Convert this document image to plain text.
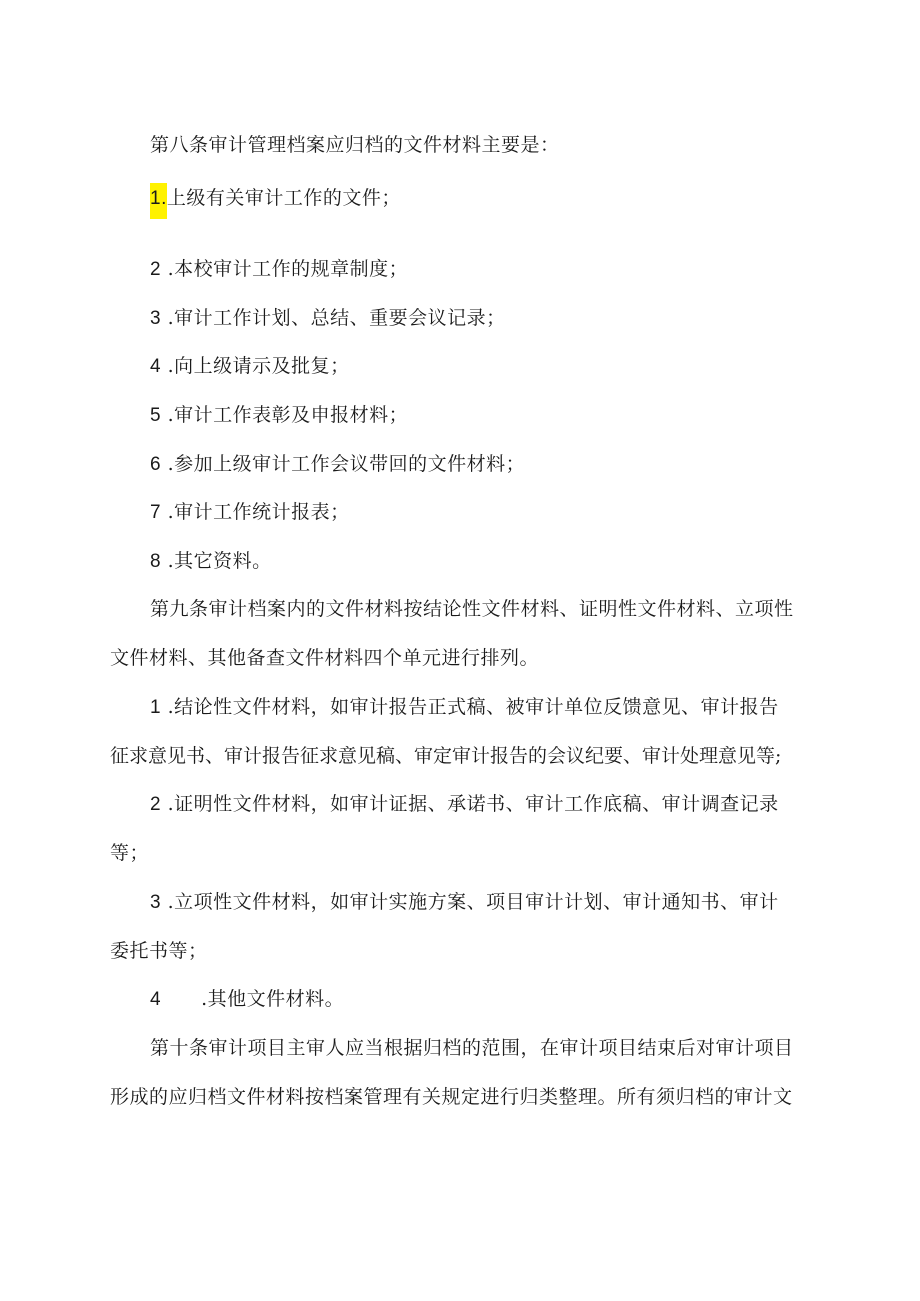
第八条审计管理档案应归档的文件材料主要是：
1.上级有关审计工作的文件；
2 .本校审计工作的规章制度；
3 .审计工作计划、总结、重要会议记录；
4 .向上级请示及批复；
5 .审计工作表彰及申报材料；
6 .参加上级审计工作会议带回的文件材料；
7 .审计工作统计报表；
8 .其它资料。
第九条审计档案内的文件材料按结论性文件材料、证明性文件材料、立项性
文件材料、其他备查文件材料四个单元进行排列。
1 .结论性文件材料，如审计报告正式稿、被审计单位反馈意见、审计报告
征求意见书、审计报告征求意见稿、审定审计报告的会议纪要、审计处理意见等;
2 .证明性文件材料，如审计证据、承诺书、审计工作底稿、审计调查记录
等；
3 .立项性文件材料，如审计实施方案、项目审计计划、审计通知书、审计
委托书等；
4 .其他文件材料。
第十条审计项目主审人应当根据归档的范围，在审计项目结束后对审计项目
形成的应归档文件材料按档案管理有关规定进行归类整理。所有须归档的审计文
